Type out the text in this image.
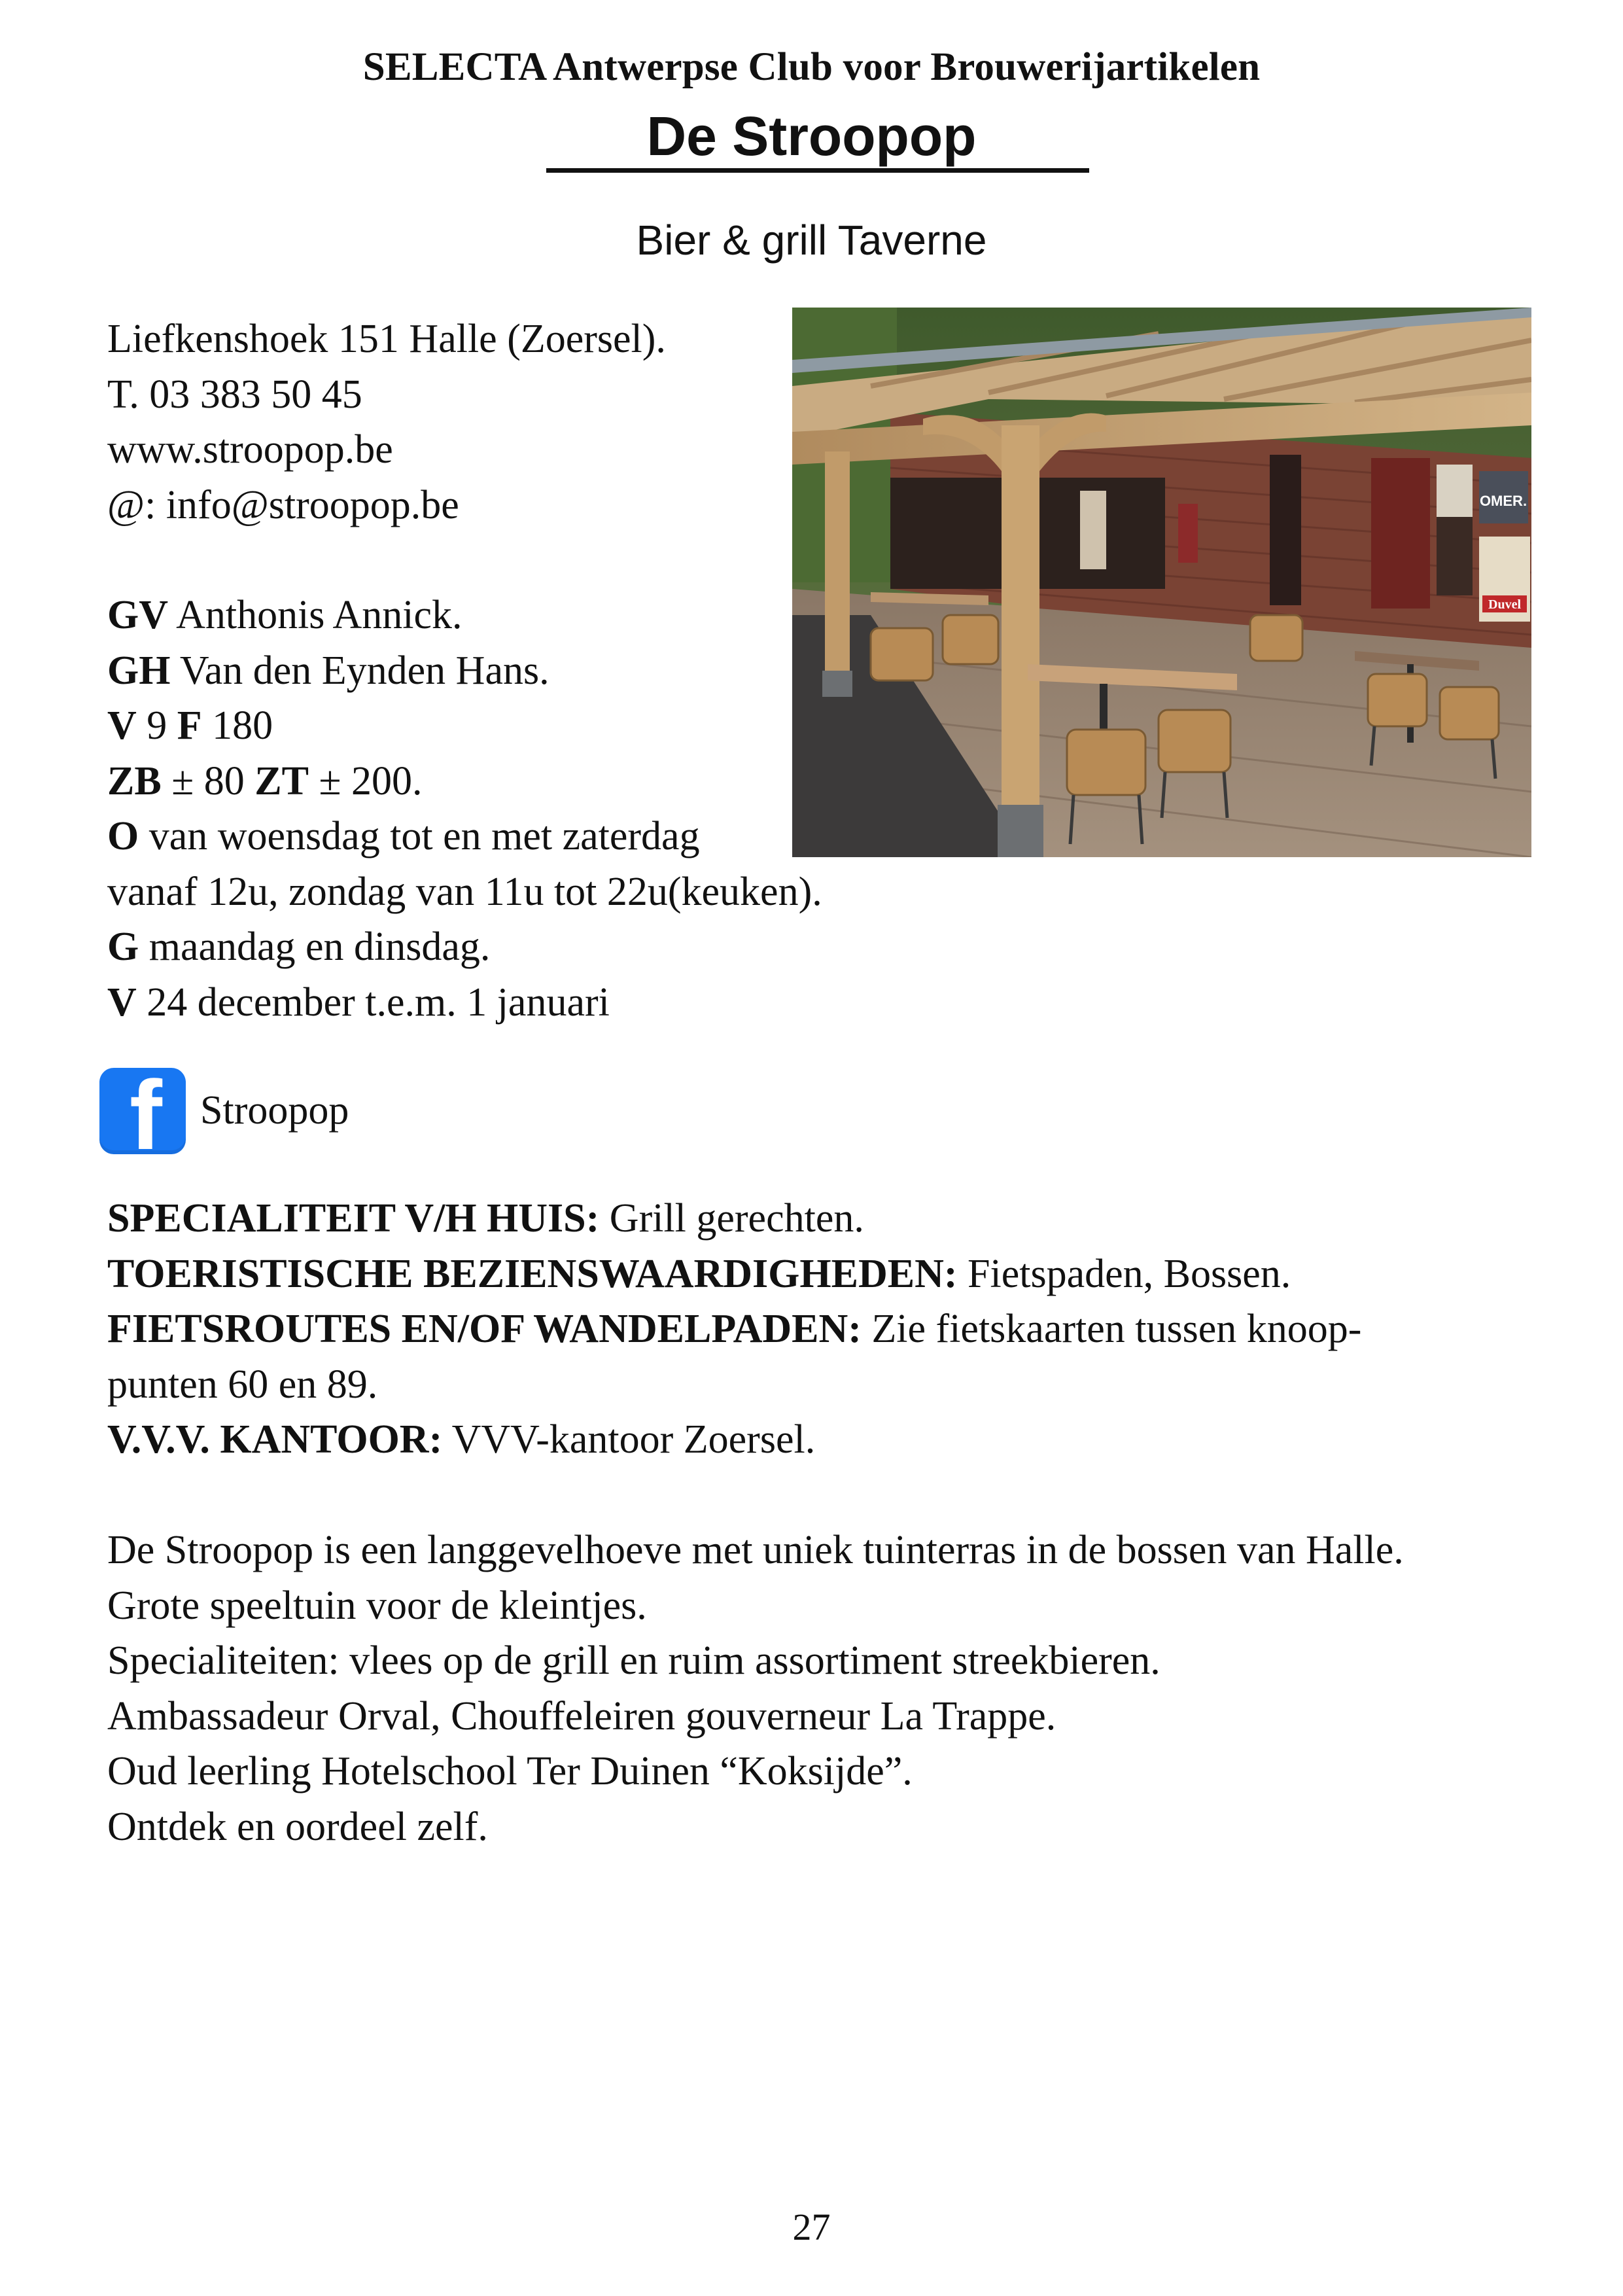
SELECTA Antwerpse Club voor Brouwerijartikelen
De Stroopop
Bier & grill Taverne
Liefkenshoek 151 Halle (Zoersel).
T. 03 383 50 45
www.stroopop.be
@: info@stroopop.be
GV Anthonis Annick.
GH Van den Eynden Hans.
V 9 F 180
ZB ± 80 ZT ± 200.
O van woensdag tot en met zaterdag
vanaf 12u, zondag van 11u tot 22u(keuken).
G maandag en dinsdag.
V 24 december t.e.m. 1 januari
OMER.
Duvel
f Stroopop
SPECIALITEIT V/H HUIS: Grill gerechten.
TOERISTISCHE BEZIENSWAARDIGHEDEN: Fietspaden, Bossen.
FIETSROUTES EN/OF WANDELPADEN: Zie fietskaarten tussen knoop-
punten 60 en 89.
V.V.V. KANTOOR: VVV-kantoor Zoersel.
De Stroopop is een langgevelhoeve met uniek tuinterras in de bossen van Halle.
Grote speeltuin voor de kleintjes.
Specialiteiten: vlees op de grill en ruim assortiment streekbieren.
Ambassadeur Orval, Chouffeleiren gouverneur La Trappe.
Oud leerling Hotelschool Ter Duinen “Koksijde”.
Ontdek en oordeel zelf.
27
